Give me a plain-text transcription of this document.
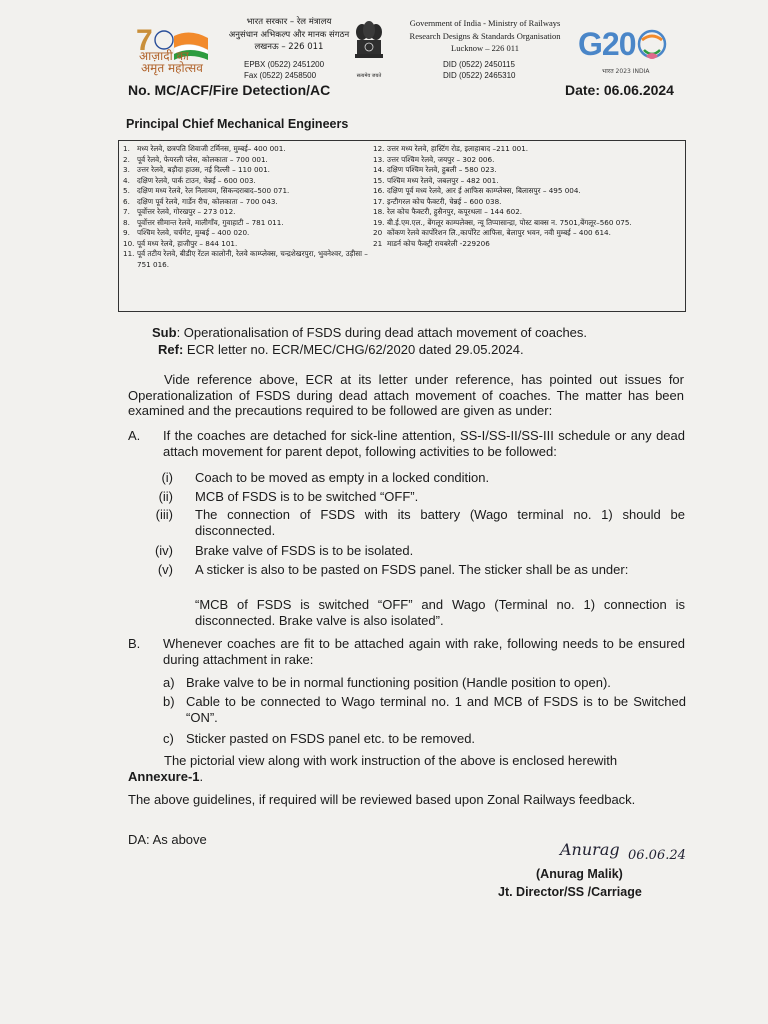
7
आज़ादी का
अमृत महोत्सव
भारत सरकार – रेल मंत्रालय
अनुसंधान अभिकल्प और मानक संगठन
लखनऊ – 226 011
EPBX (0522) 2451200
Fax (0522) 2458500	सत्यमेव जयते
Government of India - Ministry of Railways
Research Designs & Standards Organisation
Lucknow – 226 011
DID (0522) 2450115
DID (0522) 2465310
G20
भारत 2023 INDIA
No. MC/ACF/Fire Detection/AC	Date: 06.06.2024
Principal Chief Mechanical Engineers
1. मध्य रेलवे, छत्रपति शिवाजी टर्मिनस, मुम्बई– 400 001.
2. पूर्व रेलवे, फेयरली प्लेस, कोलकाता – 700 001.
3. उत्तर रेलवे, बड़ौदा हाउस, नई दिल्ली – 110 001.
4. दक्षिण रेलवे, पार्क टाउन, चेन्नई – 600 003.
5. दक्षिण मध्य रेलवे, रेल निलायम, सिकन्दराबाद–500 071.
6. दक्षिण पूर्व रेलवे, गार्डेन रीच, कोलकाता – 700 043.
7. पूर्वोत्तर रेलवे, गोरखपुर – 273 012.
8. पूर्वोत्तर सीमान्त रेलवे, मालीगाँव, गुवाहाटी – 781 011.
9. पश्चिम रेलवे, चर्चगेट, मुम्बई – 400 020.
10. पूर्व मध्य रेलवे, हाजीपुर – 844 101.
11. पूर्व तटीय रेलवे, बीडीए रेंटल कालोनी, रेलवे काम्प्लेक्स, चन्द्रशेखरपुरा, भुवनेश्वर, उड़ीसा – 751 016.
12. उत्तर मध्य रेलवे, हास्टिंग रोड, इलाहाबाद –211 001.
13. उत्तर पश्चिम रेलवे, जयपुर – 302 006.
14. दक्षिण पश्चिम रेलवे, हुबली – 580 023.
15. पश्चिम मध्य रेलवे, जबलपुर – 482 001.
16. दक्षिण पूर्व मध्य रेलवे, आर ई आफिस काम्प्लेक्स, बिलासपुर – 495 004.
17. इन्टीगरल कोच फैक्टरी, चेन्नई – 600 038.
18. रेल कोच फैक्टरी, हुसैनपुर, कपूरथला – 144 602.
19. बी.ई.एम.एल., बेंगलूर काम्पलेक्स, न्यू तिप्पासान्द्रा, पोस्ट बाक्स न. 7501,बेंगलूर–560 075.
20 कोंकण रेलवे कार्पोरेशन लि.,कार्पोरेट आफिस, बेलापुर भवन, नवी मुम्बई – 400 614.
21 माडर्न कोच फैक्ट्री रायबरेली -229206
Sub: Operationalisation of FSDS during dead attach movement of coaches.
Ref: ECR letter no. ECR/MEC/CHG/62/2020 dated 29.05.2024.
Vide reference above, ECR at its letter under reference, has pointed out issues for Operationalization of FSDS during dead attach movement of coaches. The matter has been examined and the precautions required to be followed are given as under:
A. If the coaches are detached for sick-line attention, SS-I/SS-II/SS-III schedule or any dead attach movement for parent depot, following activities to be followed:
(i) Coach to be moved as empty in a locked condition.
(ii) MCB of FSDS is to be switched “OFF”.
(iii) The connection of FSDS with its battery (Wago terminal no. 1) should be disconnected.
(iv) Brake valve of FSDS is to be isolated.
(v) A sticker is also to be pasted on FSDS panel. The sticker shall be as under:
“MCB of FSDS is switched “OFF” and Wago (Terminal no. 1) connection is disconnected. Brake valve is also isolated”.
B. Whenever coaches are fit to be attached again with rake, following needs to be ensured during attachment in rake:
a) Brake valve to be in normal functioning position (Handle position to open).
b) Cable to be connected to Wago terminal no. 1 and MCB of FSDS is to be Switched “ON”.
c) Sticker pasted on FSDS panel etc. to be removed.
The pictorial view along with work instruction of the above is enclosed herewith
Annexure-1.
The above guidelines, if required will be reviewed based upon Zonal Railways feedback.
DA: As above
Anurag 06.06.24
(Anurag Malik)
Jt. Director/SS /Carriage
